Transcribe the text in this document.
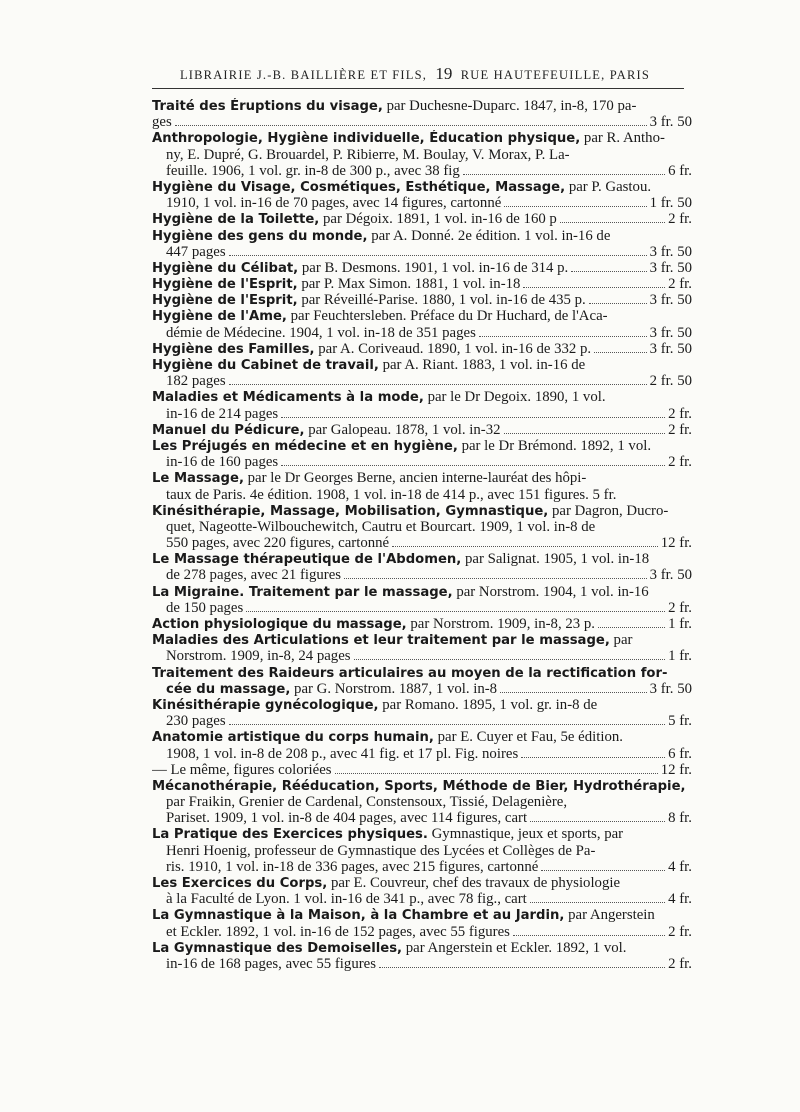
LIBRAIRIE J.-B. BAILLIÈRE ET FILS, 19 RUE HAUTEFEUILLE, PARIS
Traité des Éruptions du visage, par Duchesne-Duparc. 1847, in-8, 170 pa-
ges	3 fr. 50
Anthropologie, Hygiène individuelle, Éducation physique, par R. Antho-
ny, E. Dupré, G. Brouardel, P. Ribierre, M. Boulay, V. Morax, P. La-
feuille. 1906, 1 vol. gr. in-8 de 300 p., avec 38 fig	6 fr.
Hygiène du Visage, Cosmétiques, Esthétique, Massage, par P. Gastou.
1910, 1 vol. in-16 de 70 pages, avec 14 figures, cartonné	1 fr. 50
Hygiène de la Toilette, par Dégoix. 1891, 1 vol. in-16 de 160 p	2 fr.
Hygiène des gens du monde, par A. Donné. 2e édition. 1 vol. in-16 de
447 pages	3 fr. 50
Hygiène du Célibat, par B. Desmons. 1901, 1 vol. in-16 de 314 p.	3 fr. 50
Hygiène de l'Esprit, par P. Max Simon. 1881, 1 vol. in-18	2 fr.
Hygiène de l'Esprit, par Réveillé-Parise. 1880, 1 vol. in-16 de 435 p.	3 fr. 50
Hygiène de l'Ame, par Feuchtersleben. Préface du Dr Huchard, de l'Aca-
démie de Médecine. 1904, 1 vol. in-18 de 351 pages	3 fr. 50
Hygiène des Familles, par A. Coriveaud. 1890, 1 vol. in-16 de 332 p.	3 fr. 50
Hygiène du Cabinet de travail, par A. Riant. 1883, 1 vol. in-16 de
182 pages	2 fr. 50
Maladies et Médicaments à la mode, par le Dr Degoix. 1890, 1 vol.
in-16 de 214 pages	2 fr.
Manuel du Pédicure, par Galopeau. 1878, 1 vol. in-32	2 fr.
Les Préjugés en médecine et en hygiène, par le Dr Brémond. 1892, 1 vol.
in-16 de 160 pages	2 fr.
Le Massage, par le Dr Georges Berne, ancien interne-lauréat des hôpi-
taux de Paris. 4e édition. 1908, 1 vol. in-18 de 414 p., avec 151 figures. 5 fr.
Kinésithérapie, Massage, Mobilisation, Gymnastique, par Dagron, Ducro-
quet, Nageotte-Wilbouchewitch, Cautru et Bourcart. 1909, 1 vol. in-8 de
550 pages, avec 220 figures, cartonné	12 fr.
Le Massage thérapeutique de l'Abdomen, par Salignat. 1905, 1 vol. in-18
de 278 pages, avec 21 figures	3 fr. 50
La Migraine. Traitement par le massage, par Norstrom. 1904, 1 vol. in-16
de 150 pages	2 fr.
Action physiologique du massage, par Norstrom. 1909, in-8, 23 p.	1 fr.
Maladies des Articulations et leur traitement par le massage, par
Norstrom. 1909, in-8, 24 pages	1 fr.
Traitement des Raideurs articulaires au moyen de la rectification for-
cée du massage, par G. Norstrom. 1887, 1 vol. in-8	3 fr. 50
Kinésithérapie gynécologique, par Romano. 1895, 1 vol. gr. in-8 de
230 pages	5 fr.
Anatomie artistique du corps humain, par E. Cuyer et Fau, 5e édition.
1908, 1 vol. in-8 de 208 p., avec 41 fig. et 17 pl. Fig. noires	6 fr.
— Le même, figures coloriées	12 fr.
Mécanothérapie, Rééducation, Sports, Méthode de Bier, Hydrothérapie,
par Fraikin, Grenier de Cardenal, Constensoux, Tissié, Delagenière,
Pariset. 1909, 1 vol. in-8 de 404 pages, avec 114 figures, cart	8 fr.
La Pratique des Exercices physiques. Gymnastique, jeux et sports, par
Henri Hoenig, professeur de Gymnastique des Lycées et Collèges de Pa-
ris. 1910, 1 vol. in-18 de 336 pages, avec 215 figures, cartonné	4 fr.
Les Exercices du Corps, par E. Couvreur, chef des travaux de physiologie
à la Faculté de Lyon. 1 vol. in-16 de 341 p., avec 78 fig., cart	4 fr.
La Gymnastique à la Maison, à la Chambre et au Jardin, par Angerstein
et Eckler. 1892, 1 vol. in-16 de 152 pages, avec 55 figures	2 fr.
La Gymnastique des Demoiselles, par Angerstein et Eckler. 1892, 1 vol.
in-16 de 168 pages, avec 55 figures	2 fr.
